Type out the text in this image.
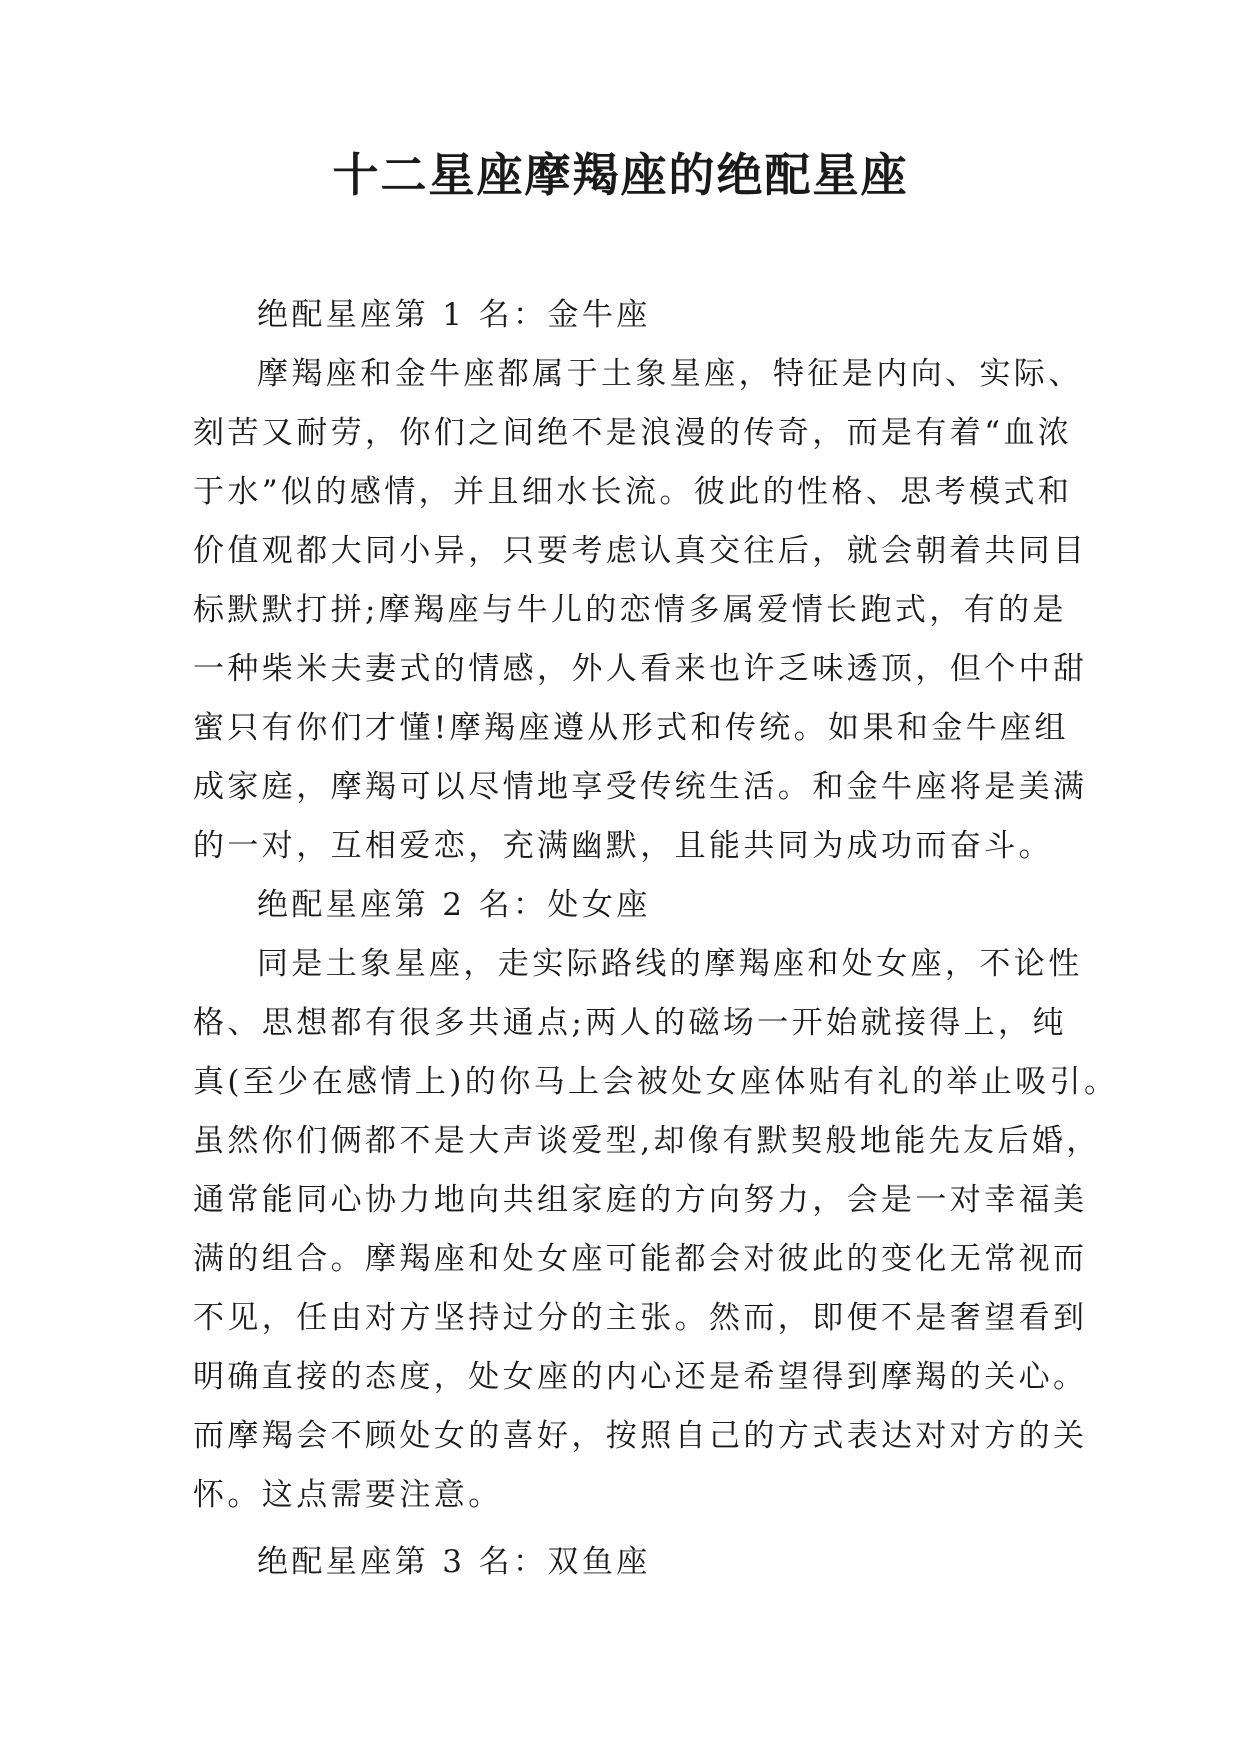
十二星座摩羯座的绝配星座
绝配星座第 1 名：金牛座
摩羯座和金牛座都属于土象星座，特征是内向、实际、
刻苦又耐劳，你们之间绝不是浪漫的传奇，而是有着“血浓
于水”似的感情，并且细水长流。彼此的性格、思考模式和
价值观都大同小异，只要考虑认真交往后，就会朝着共同目
标默默打拼;摩羯座与牛儿的恋情多属爱情长跑式，有的是
一种柴米夫妻式的情感，外人看来也许乏味透顶，但个中甜
蜜只有你们才懂!摩羯座遵从形式和传统。如果和金牛座组
成家庭，摩羯可以尽情地享受传统生活。和金牛座将是美满
的一对，互相爱恋，充满幽默，且能共同为成功而奋斗。
绝配星座第 2 名：处女座
同是土象星座，走实际路线的摩羯座和处女座，不论性
格、思想都有很多共通点;两人的磁场一开始就接得上，纯
真(至少在感情上)的你马上会被处女座体贴有礼的举止吸引。
虽然你们俩都不是大声谈爱型,却像有默契般地能先友后婚，
通常能同心协力地向共组家庭的方向努力，会是一对幸福美
满的组合。摩羯座和处女座可能都会对彼此的变化无常视而
不见，任由对方坚持过分的主张。然而，即便不是奢望看到
明确直接的态度，处女座的内心还是希望得到摩羯的关心。
而摩羯会不顾处女的喜好，按照自己的方式表达对对方的关
怀。这点需要注意。
绝配星座第 3 名：双鱼座
